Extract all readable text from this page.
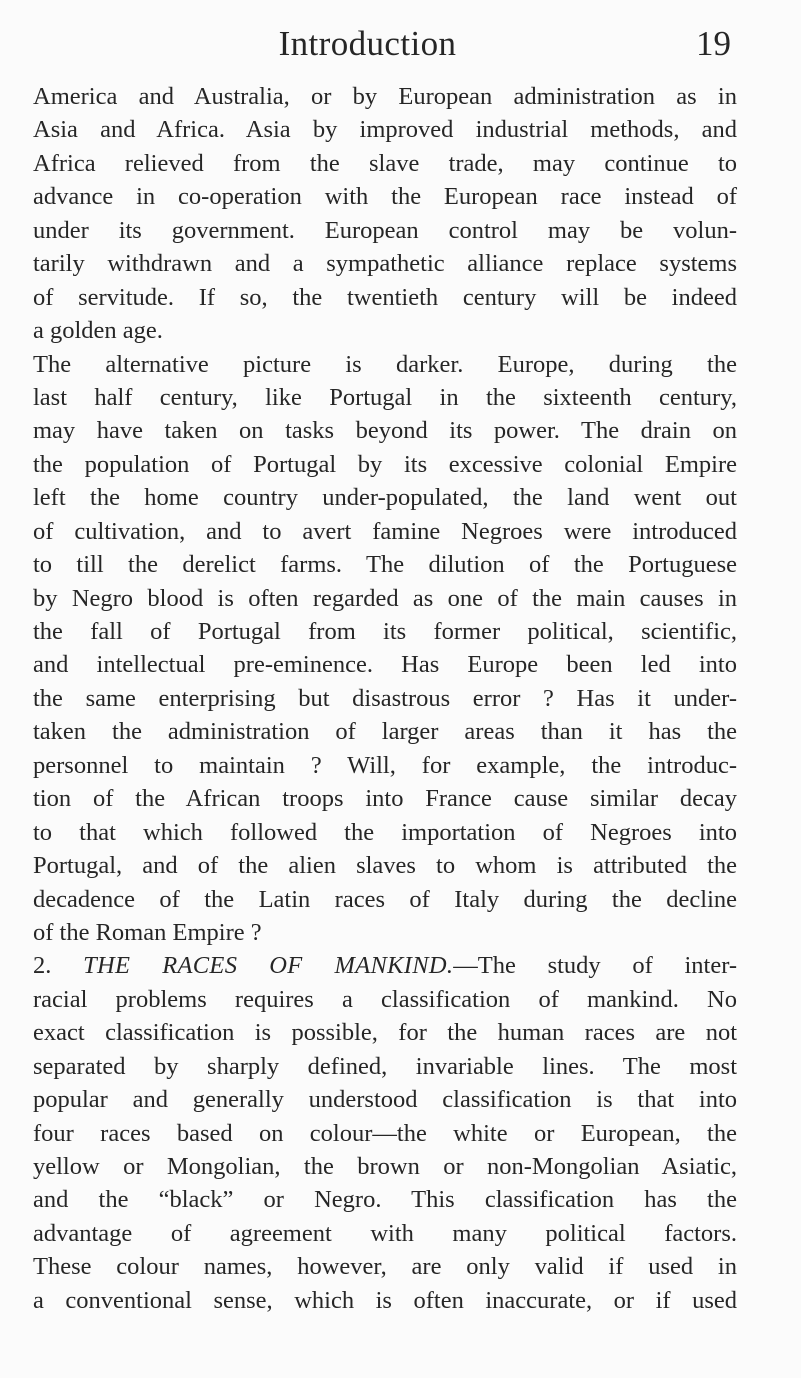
Introduction	19
America and Australia, or by European administration as in
Asia and Africa. Asia by improved industrial methods, and
Africa relieved from the slave trade, may continue to
advance in co-operation with the European race instead of
under its government. European control may be volun-
tarily withdrawn and a sympathetic alliance replace systems
of servitude. If so, the twentieth century will be indeed
a golden age.
The alternative picture is darker. Europe, during the
last half century, like Portugal in the sixteenth century,
may have taken on tasks beyond its power. The drain on
the population of Portugal by its excessive colonial Empire
left the home country under-populated, the land went out
of cultivation, and to avert famine Negroes were introduced
to till the derelict farms. The dilution of the Portuguese
by Negro blood is often regarded as one of the main causes in
the fall of Portugal from its former political, scientific,
and intellectual pre-eminence. Has Europe been led into
the same enterprising but disastrous error ? Has it under-
taken the administration of larger areas than it has the
personnel to maintain ? Will, for example, the introduc-
tion of the African troops into France cause similar decay
to that which followed the importation of Negroes into
Portugal, and of the alien slaves to whom is attributed the
decadence of the Latin races of Italy during the decline
of the Roman Empire ?
2. THE RACES OF MANKIND.—The study of inter-
racial problems requires a classification of mankind. No
exact classification is possible, for the human races are not
separated by sharply defined, invariable lines. The most
popular and generally understood classification is that into
four races based on colour—the white or European, the
yellow or Mongolian, the brown or non-Mongolian Asiatic,
and the “black” or Negro. This classification has the
advantage of agreement with many political factors.
These colour names, however, are only valid if used in
a conventional sense, which is often inaccurate, or if used
